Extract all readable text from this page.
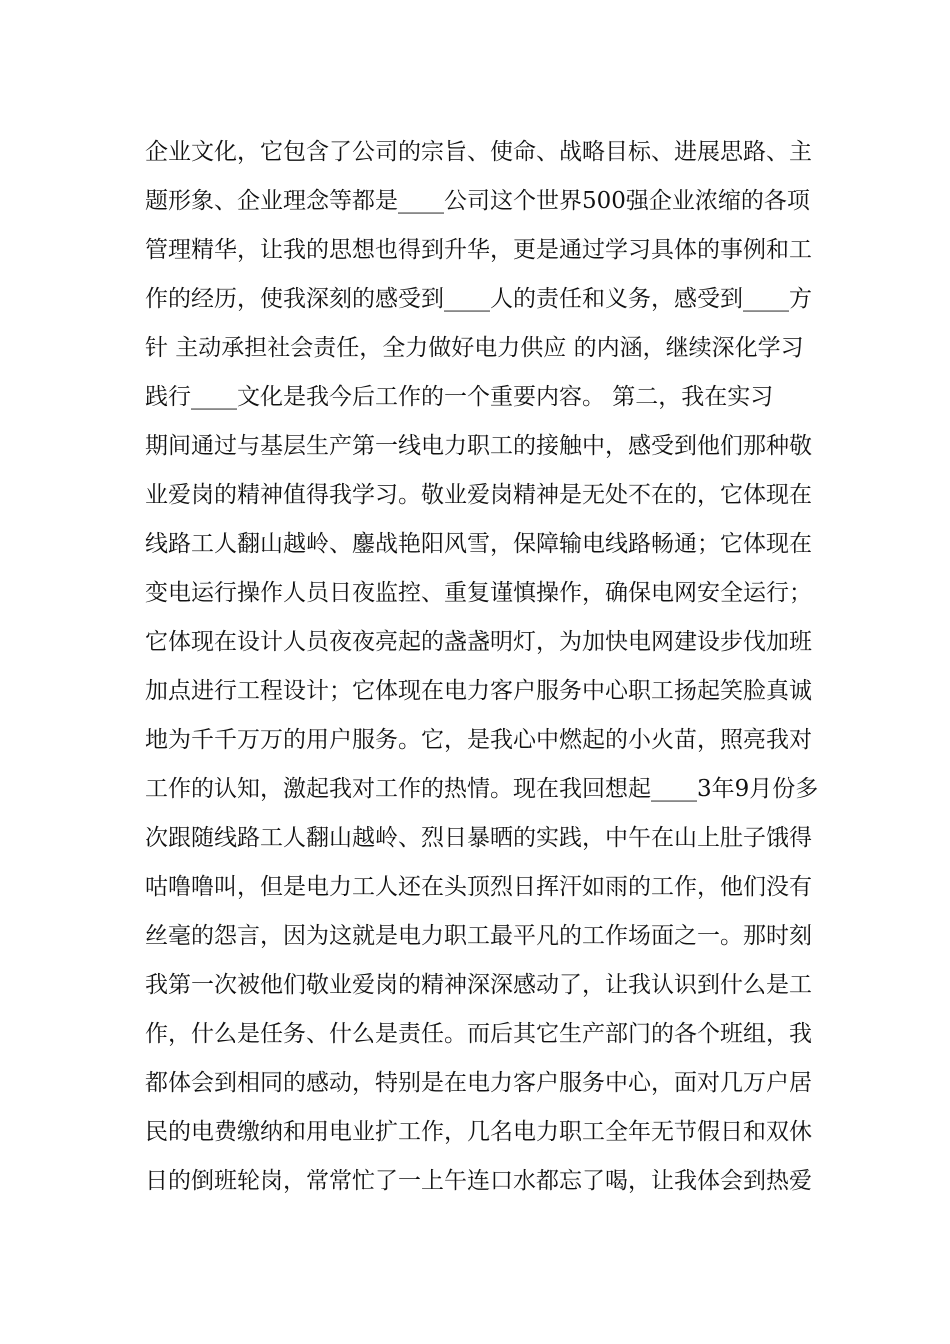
企业文化，它包含了公司的宗旨、使命、战略目标、进展思路、主
题形象、企业理念等都是____公司这个世界500强企业浓缩的各项
管理精华，让我的思想也得到升华，更是通过学习具体的事例和工
作的经历，使我深刻的感受到____人的责任和义务，感受到____方
针 主动承担社会责任，全力做好电力供应 的内涵，继续深化学习
践行____文化是我今后工作的一个重要内容。 第二，我在实习
期间通过与基层生产第一线电力职工的接触中，感受到他们那种敬
业爱岗的精神值得我学习。敬业爱岗精神是无处不在的，它体现在
线路工人翻山越岭、鏖战艳阳风雪，保障输电线路畅通；它体现在
变电运行操作人员日夜监控、重复谨慎操作，确保电网安全运行；
它体现在设计人员夜夜亮起的盏盏明灯，为加快电网建设步伐加班
加点进行工程设计；它体现在电力客户服务中心职工扬起笑脸真诚
地为千千万万的用户服务。它，是我心中燃起的小火苗，照亮我对
工作的认知，激起我对工作的热情。现在我回想起____3年9月份多
次跟随线路工人翻山越岭、烈日暴晒的实践，中午在山上肚子饿得
咕噜噜叫，但是电力工人还在头顶烈日挥汗如雨的工作，他们没有
丝毫的怨言，因为这就是电力职工最平凡的工作场面之一。那时刻
我第一次被他们敬业爱岗的精神深深感动了，让我认识到什么是工
作，什么是任务、什么是责任。而后其它生产部门的各个班组，我
都体会到相同的感动，特别是在电力客户服务中心，面对几万户居
民的电费缴纳和用电业扩工作，几名电力职工全年无节假日和双休
日的倒班轮岗，常常忙了一上午连口水都忘了喝，让我体会到热爱
